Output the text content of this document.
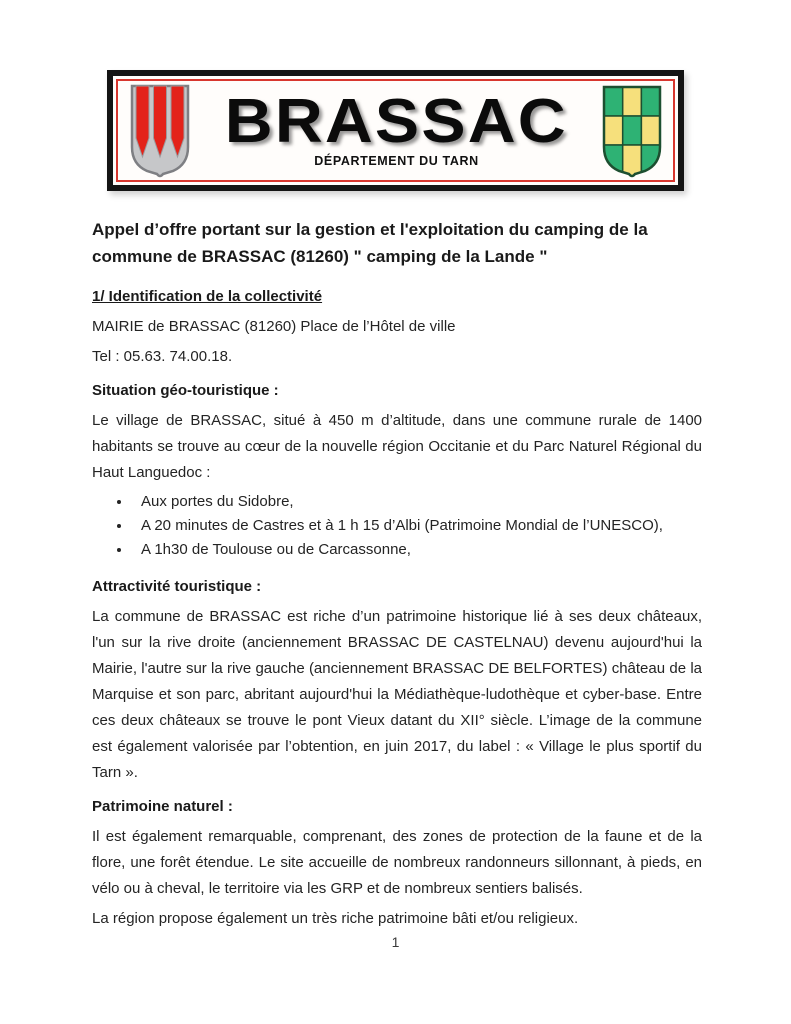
BRASSAC
DÉPARTEMENT DU TARN
Appel d’offre portant sur la gestion et l'exploitation du camping de la commune de BRASSAC (81260) " camping de la Lande "
1/ Identification de la collectivité

MAIRIE de BRASSAC (81260) Place de l’Hôtel de ville

Tel : 05.63. 74.00.18.

Situation géo-touristique :

Le village de BRASSAC, situé à 450 m d’altitude, dans une commune rurale de 1400 habitants se trouve au cœur de la nouvelle région Occitanie et du Parc Naturel Régional du Haut Languedoc :

• Aux portes du Sidobre,
• A 20 minutes de Castres et à 1 h 15 d’Albi (Patrimoine Mondial de l’UNESCO),
• A 1h30 de Toulouse ou de Carcassonne,
Attractivité touristique :

La commune de BRASSAC est riche d’un patrimoine historique lié à ses deux châteaux, l'un sur la rive droite (anciennement BRASSAC DE CASTELNAU) devenu aujourd'hui la Mairie, l'autre sur la rive gauche (anciennement BRASSAC DE BELFORTES) château de la Marquise et son parc, abritant aujourd'hui la Médiathèque-ludothèque et cyber-base. Entre ces deux châteaux se trouve le pont Vieux datant du XII° siècle. L’image de la commune est également valorisée par l’obtention, en juin 2017, du label : « Village le plus sportif du Tarn ».

Patrimoine naturel :

Il est également remarquable, comprenant, des zones de protection de la faune et de la flore, une forêt étendue. Le site accueille de nombreux randonneurs sillonnant, à pieds, en vélo ou à cheval, le territoire via les GRP et de nombreux sentiers balisés.

La région propose également un très riche patrimoine bâti et/ou religieux.

1
